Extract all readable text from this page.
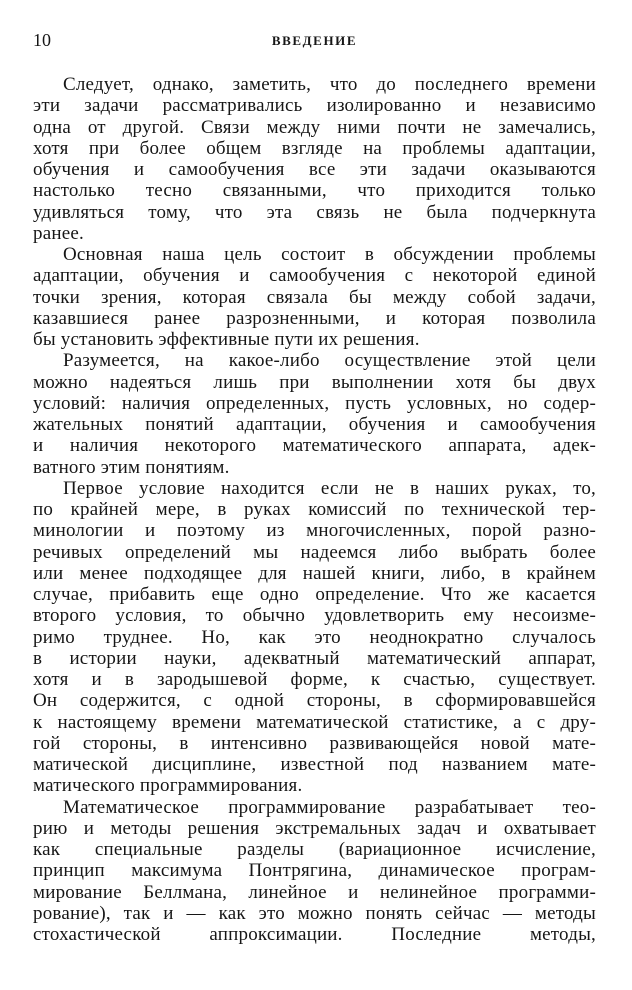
10	ВВЕДЕНИЕ
Следует, однако, заметить, что до последнего времени
эти задачи рассматривались изолированно и независимо
одна от другой. Связи между ними почти не замечались,
хотя при более общем взгляде на проблемы адаптации,
обучения и самообучения все эти задачи оказываются
настолько тесно связанными, что приходится только
удивляться тому, что эта связь не была подчеркнута
ранее.
Основная наша цель состоит в обсуждении проблемы
адаптации, обучения и самообучения с некоторой единой
точки зрения, которая связала бы между собой задачи,
казавшиеся ранее разрозненными, и которая позволила
бы установить эффективные пути их решения.
Разумеется, на какое-либо осуществление этой цели
можно надеяться лишь при выполнении хотя бы двух
условий: наличия определенных, пусть условных, но содер-
жательных понятий адаптации, обучения и самообучения
и наличия некоторого математического аппарата, адек-
ватного этим понятиям.
Первое условие находится если не в наших руках, то,
по крайней мере, в руках комиссий по технической тер-
минологии и поэтому из многочисленных, порой разно-
речивых определений мы надеемся либо выбрать более
или менее подходящее для нашей книги, либо, в крайнем
случае, прибавить еще одно определение. Что же касается
второго условия, то обычно удовлетворить ему несоизме-
римо труднее. Но, как это неоднократно случалось
в истории науки, адекватный математический аппарат,
хотя и в зародышевой форме, к счастью, существует.
Он содержится, с одной стороны, в сформировавшейся
к настоящему времени математической статистике, а с дру-
гой стороны, в интенсивно развивающейся новой мате-
матической дисциплине, известной под названием мате-
матического программирования.
Математическое программирование разрабатывает тео-
рию и методы решения экстремальных задач и охватывает
как специальные разделы (вариационное исчисление,
принцип максимума Понтрягина, динамическое програм-
мирование Беллмана, линейное и нелинейное программи-
рование), так и — как это можно понять сейчас — методы
стохастической аппроксимации. Последние методы,
